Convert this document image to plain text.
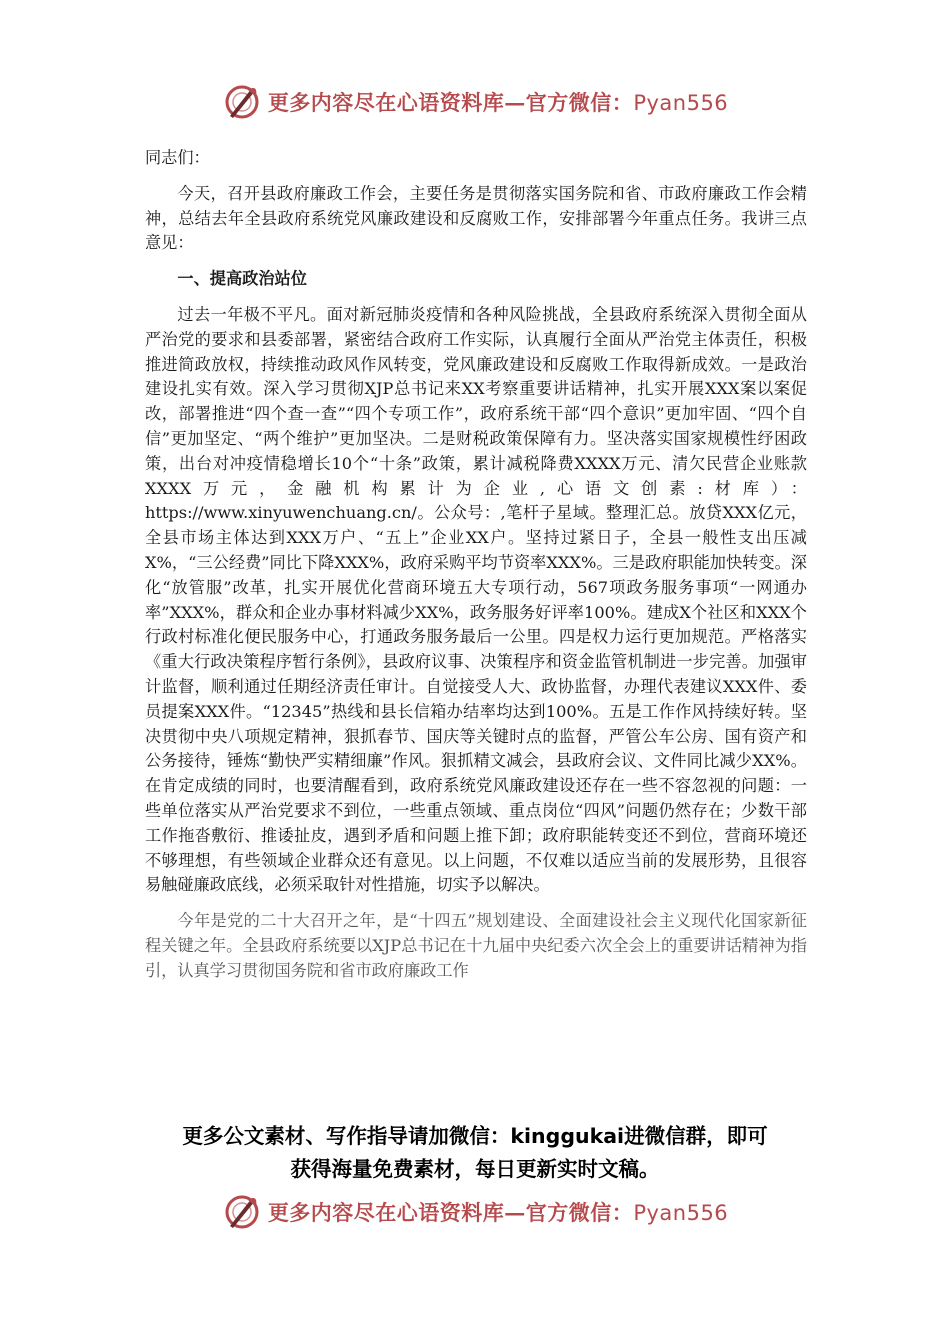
更多内容尽在心语资料库—官方微信：Pyan556

同志们：

今天，召开县政府廉政工作会，主要任务是贯彻落实国务院和省、市政府廉政工作会精神，总结去年全县政府系统党风廉政建设和反腐败工作，安排部署今年重点任务。我讲三点意见：

一、提高政治站位

过去一年极不平凡。面对新冠肺炎疫情和各种风险挑战，全县政府系统深入贯彻全面从严治党的要求和县委部署，紧密结合政府工作实际，认真履行全面从严治党主体责任，积极推进简政放权，持续推动政风作风转变，党风廉政建设和反腐败工作取得新成效。一是政治建设扎实有效。深入学习贯彻XJP总书记来XX考察重要讲话精神，扎实开展XXX案以案促改，部署推进“四个查一查”“四个专项工作”，政府系统干部“四个意识”更加牢固、“四个自信”更加坚定、“两个维护”更加坚决。二是财税政策保障有力。坚决落实国家规模性纾困政策，出台对冲疫情稳增长10个“十条”政策，累计减税降费XXXX万元、清欠民营企业账款XXXX万元，金融机构累计为企业,心语文创素:材库）：https://www.xinyuwenchuang.cn/。公众号：,笔杆子星域。整理汇总。放贷XXX亿元，全县市场主体达到XXX万户、“五上”企业XX户。坚持过紧日子，全县一般性支出压减X%，“三公经费”同比下降XXX%，政府采购平均节资率XXX%。三是政府职能加快转变。深化“放管服”改革，扎实开展优化营商环境五大专项行动，567项政务服务事项“一网通办率”XXX%，群众和企业办事材料减少XX%，政务服务好评率100%。建成X个社区和XXX个行政村标准化便民服务中心，打通政务服务最后一公里。四是权力运行更加规范。严格落实《重大行政决策程序暂行条例》，县政府议事、决策程序和资金监管机制进一步完善。加强审计监督，顺利通过任期经济责任审计。自觉接受人大、政协监督，办理代表建议XXX件、委员提案XXX件。“12345”热线和县长信箱办结率均达到100%。五是工作作风持续好转。坚决贯彻中央八项规定精神，狠抓春节、国庆等关键时点的监督，严管公车公房、国有资产和公务接待，锤炼“勤快严实精细廉”作风。狠抓精文减会，县政府会议、文件同比减少XX%。在肯定成绩的同时，也要清醒看到，政府系统党风廉政建设还存在一些不容忽视的问题：一些单位落实从严治党要求不到位，一些重点领域、重点岗位“四风”问题仍然存在；少数干部工作拖沓敷衍、推诿扯皮，遇到矛盾和问题上推下卸；政府职能转变还不到位，营商环境还不够理想，有些领域企业群众还有意见。以上问题，不仅难以适应当前的发展形势，且很容易触碰廉政底线，必须采取针对性措施，切实予以解决。

今年是党的二十大召开之年，是“十四五”规划建设、全面建设社会主义现代化国家新征程关键之年。全县政府系统要以XJP总书记在十九届中央纪委六次全会上的重要讲话精神为指引，认真学习贯彻国务院和省市政府廉政工作

更多公文素材、写作指导请加微信：kinggukai进微信群，即可
获得海量免费素材，每日更新实时文稿。
更多内容尽在心语资料库—官方微信：Pyan556
